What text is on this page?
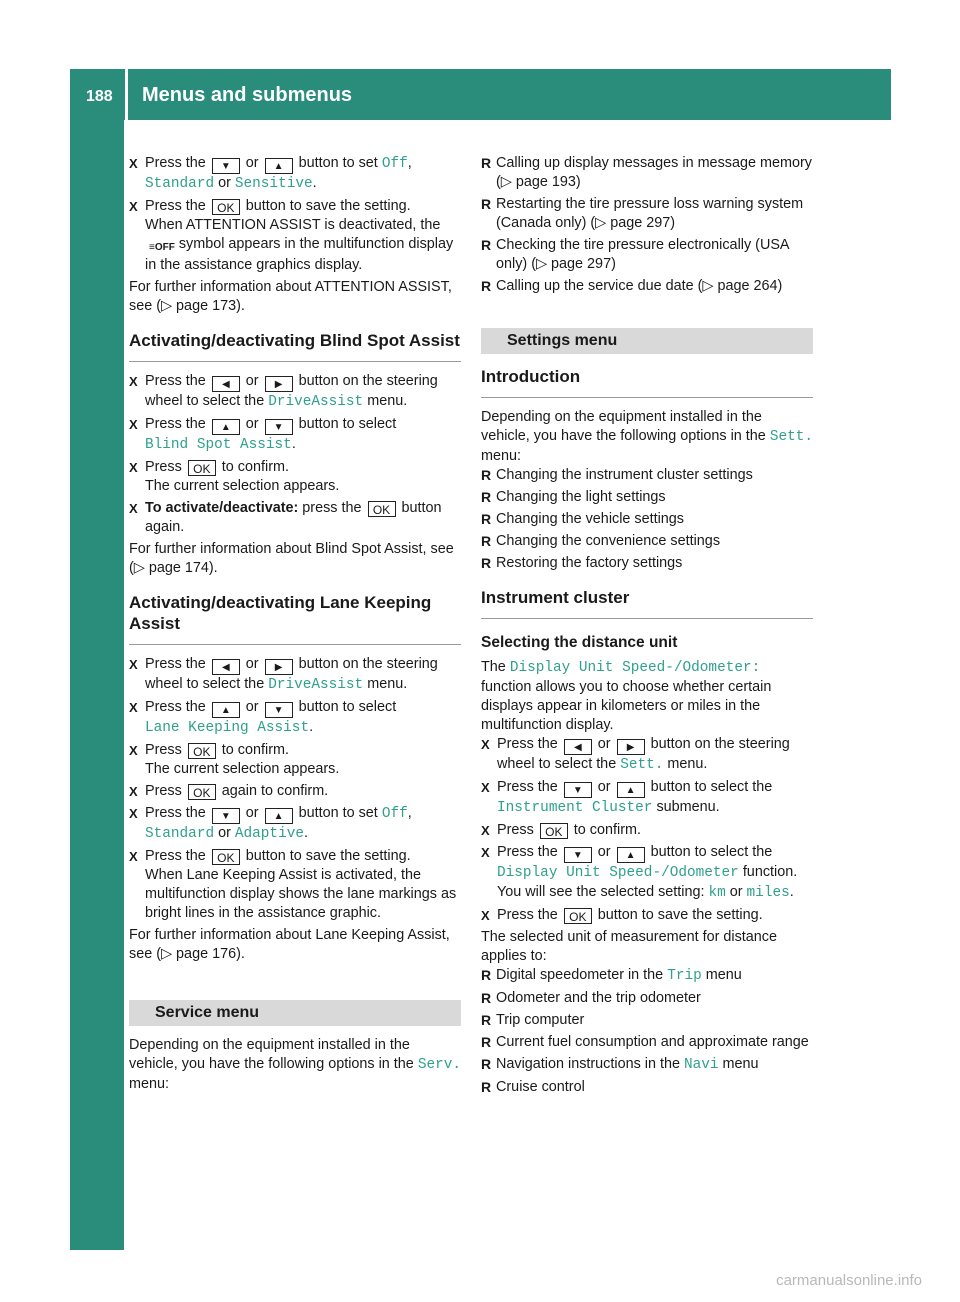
188 Menus and submenus
On-board computer and displays
X Press the ▼ or ▲ button to set Off,
Standard or Sensitive.
X Press the OK button to save the setting.
When ATTENTION ASSIST is deactivated, the ≡OFF symbol appears in the multifunction display in the assistance graphics display.

For further information about ATTENTION ASSIST, see (▷ page 173).

Activating/deactivating Blind Spot Assist
X Press the ◀ or ▶ button on the steering wheel to select the DriveAssist menu.
X Press the ▲ or ▼ button to select
Blind Spot Assist.
X Press OK to confirm.
The current selection appears.
X To activate/deactivate: press the OK button again.

For further information about Blind Spot Assist, see (▷ page 174).

Activating/deactivating Lane Keeping Assist
X Press the ◀ or ▶ button on the steering wheel to select the DriveAssist menu.
X Press the ▲ or ▼ button to select
Lane Keeping Assist.
X Press OK to confirm.
The current selection appears.
X Press OK again to confirm.
X Press the ▼ or ▲ button to set Off,
Standard or Adaptive.
X Press the OK button to save the setting.
When Lane Keeping Assist is activated, the multifunction display shows the lane markings as bright lines in the assistance graphic.

For further information about Lane Keeping Assist, see (▷ page 176).

Service menu

Depending on the equipment installed in the vehicle, you have the following options in the Serv. menu:

R Calling up display messages in message memory (▷ page 193)
R Restarting the tire pressure loss warning system (Canada only) (▷ page 297)
R Checking the tire pressure electronically (USA only) (▷ page 297)
R Calling up the service due date (▷ page 264)
Settings menu
Introduction

Depending on the equipment installed in the vehicle, you have the following options in the Sett. menu:

R Changing the instrument cluster settings
R Changing the light settings
R Changing the vehicle settings
R Changing the convenience settings
R Restoring the factory settings
Instrument cluster
Selecting the distance unit

The Display Unit Speed-/Odometer: function allows you to choose whether certain displays appear in kilometers or miles in the multifunction display.

X Press the ◀ or ▶ button on the steering wheel to select the Sett. menu.
X Press the ▼ or ▲ button to select the
Instrument Cluster submenu.
X Press OK to confirm.
X Press the ▼ or ▲ button to select the
Display Unit Speed-/Odometer function.
You will see the selected setting: km or miles.
X Press the OK button to save the setting.

The selected unit of measurement for distance applies to:

R Digital speedometer in the Trip menu
R Odometer and the trip odometer
R Trip computer
R Current fuel consumption and approximate range
R Navigation instructions in the Navi menu
R Cruise control
carmanualsonline.info
